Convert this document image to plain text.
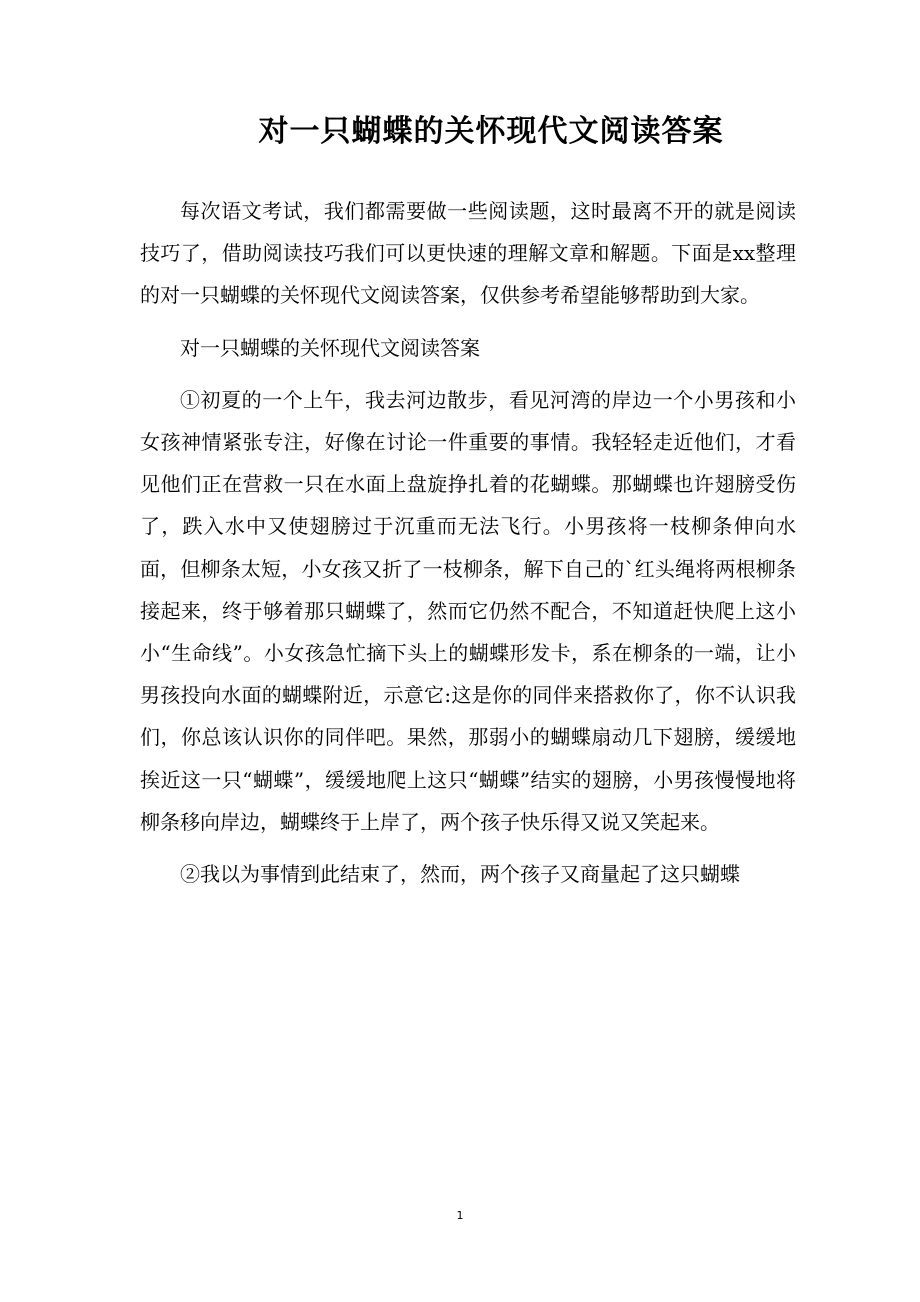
对一只蝴蝶的关怀现代文阅读答案

每次语文考试，我们都需要做一些阅读题，这时最离不开的就是阅读技巧了，借助阅读技巧我们可以更快速的理解文章和解题。下面是xx整理的对一只蝴蝶的关怀现代文阅读答案，仅供参考希望能够帮助到大家。

对一只蝴蝶的关怀现代文阅读答案

①初夏的一个上午，我去河边散步，看见河湾的岸边一个小男孩和小女孩神情紧张专注，好像在讨论一件重要的事情。我轻轻走近他们，才看见他们正在营救一只在水面上盘旋挣扎着的花蝴蝶。那蝴蝶也许翅膀受伤了，跌入水中又使翅膀过于沉重而无法飞行。小男孩将一枝柳条伸向水面，但柳条太短，小女孩又折了一枝柳条，解下自己的`红头绳将两根柳条接起来，终于够着那只蝴蝶了，然而它仍然不配合，不知道赶快爬上这小小“生命线”。小女孩急忙摘下头上的蝴蝶形发卡，系在柳条的一端，让小男孩投向水面的蝴蝶附近，示意它:这是你的同伴来搭救你了，你不认识我们，你总该认识你的同伴吧。果然，那弱小的蝴蝶扇动几下翅膀，缓缓地挨近这一只“蝴蝶”，缓缓地爬上这只“蝴蝶”结实的翅膀，小男孩慢慢地将柳条移向岸边，蝴蝶终于上岸了，两个孩子快乐得又说又笑起来。

②我以为事情到此结束了，然而，两个孩子又商量起了这只蝴蝶

1
